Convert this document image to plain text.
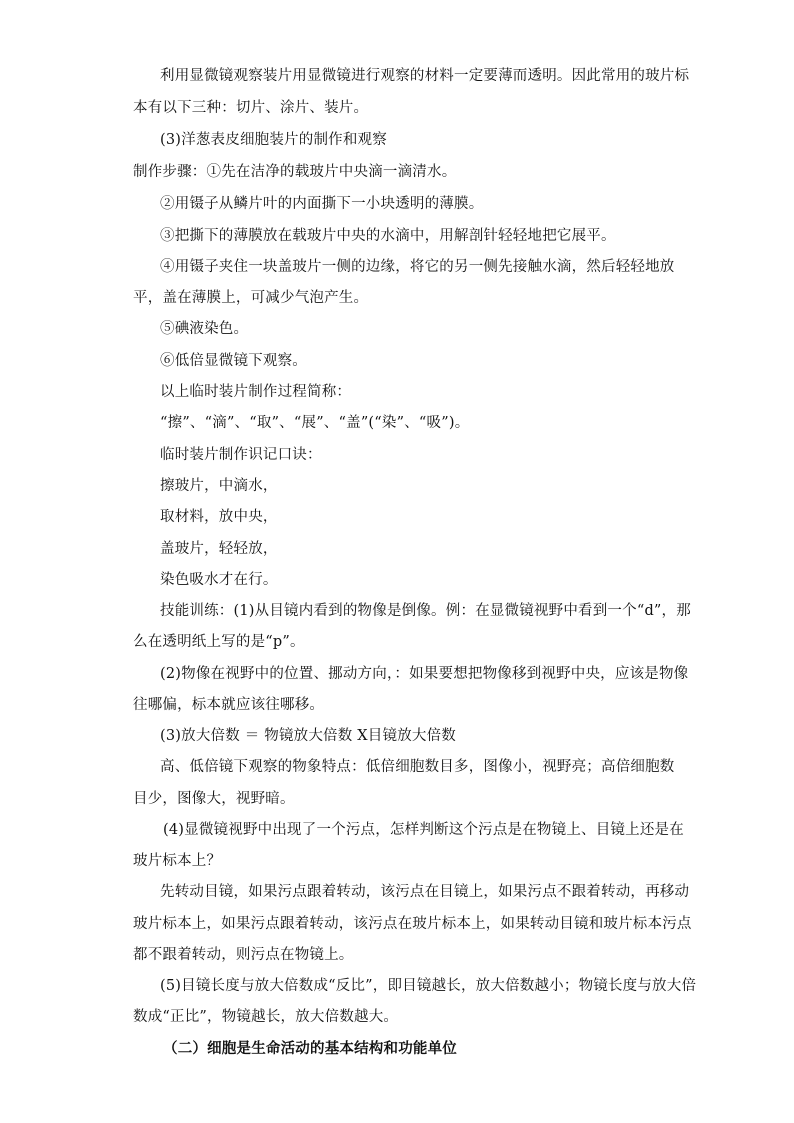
利用显微镜观察装片用显微镜进行观察的材料一定要薄而透明。因此常用的玻片标
本有以下三种：切片、涂片、装片。
(3)洋葱表皮细胞装片的制作和观察
制作步骤：①先在洁净的载玻片中央滴一滴清水。
②用镊子从鳞片叶的内面撕下一小块透明的薄膜。
③把撕下的薄膜放在载玻片中央的水滴中，用解剖针轻轻地把它展平。
④用镊子夹住一块盖玻片一侧的边缘，将它的另一侧先接触水滴，然后轻轻地放
平，盖在薄膜上，可减少气泡产生。
⑤碘液染色。
⑥低倍显微镜下观察。
以上临时装片制作过程简称：
“擦”、“滴”、“取”、“展”、“盖”(“染”、“吸”)。
临时装片制作识记口诀：
擦玻片，中滴水，
取材料，放中央，
盖玻片，轻轻放，
染色吸水才在行。
技能训练：(1)从目镜内看到的物像是倒像。例：在显微镜视野中看到一个“d”，那
么在透明纸上写的是“p”。
(2)物像在视野中的位置、挪动方向，：如果要想把物像移到视野中央，应该是物像
往哪偏，标本就应该往哪移。
(3)放大倍数 ＝ 物镜放大倍数 X目镜放大倍数
高、低倍镜下观察的物象特点：低倍细胞数目多，图像小，视野亮；高倍细胞数
目少，图像大，视野暗。
(4)显微镜视野中出现了一个污点，怎样判断这个污点是在物镜上、目镜上还是在
玻片标本上？
先转动目镜，如果污点跟着转动，该污点在目镜上，如果污点不跟着转动，再移动
玻片标本上，如果污点跟着转动，该污点在玻片标本上，如果转动目镜和玻片标本污点
都不跟着转动，则污点在物镜上。
(5)目镜长度与放大倍数成“反比”，即目镜越长，放大倍数越小；物镜长度与放大倍
数成“正比”，物镜越长，放大倍数越大。
（二）细胞是生命活动的基本结构和功能单位
